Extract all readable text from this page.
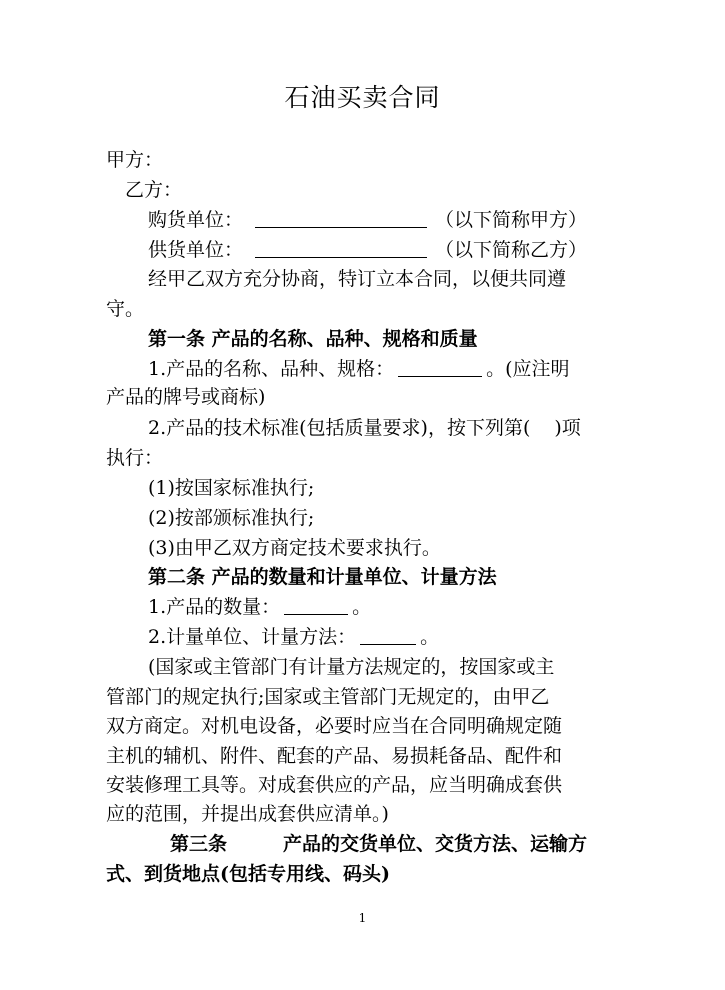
石油买卖合同
甲方：
乙方：
购货单位：	（以下简称甲方）
供货单位：	（以下简称乙方）
经甲乙双方充分协商，特订立本合同，以便共同遵
守。
第一条 产品的名称、品种、规格和质量
1.产品的名称、品种、规格：	。(应注明
产品的牌号或商标)
2.产品的技术标准(包括质量要求)，按下列第( )项
执行：
(1)按国家标准执行;
(2)按部颁标准执行;
(3)由甲乙双方商定技术要求执行。
第二条 产品的数量和计量单位、计量方法
1.产品的数量：	。
2.计量单位、计量方法：	。
(国家或主管部门有计量方法规定的，按国家或主
管部门的规定执行;国家或主管部门无规定的，由甲乙
双方商定。对机电设备，必要时应当在合同明确规定随
主机的辅机、附件、配套的产品、易损耗备品、配件和
安装修理工具等。对成套供应的产品，应当明确成套供
应的范围，并提出成套供应清单。)
第三条	产品的交货单位、交货方法、运输方
式、到货地点(包括专用线、码头)
1
